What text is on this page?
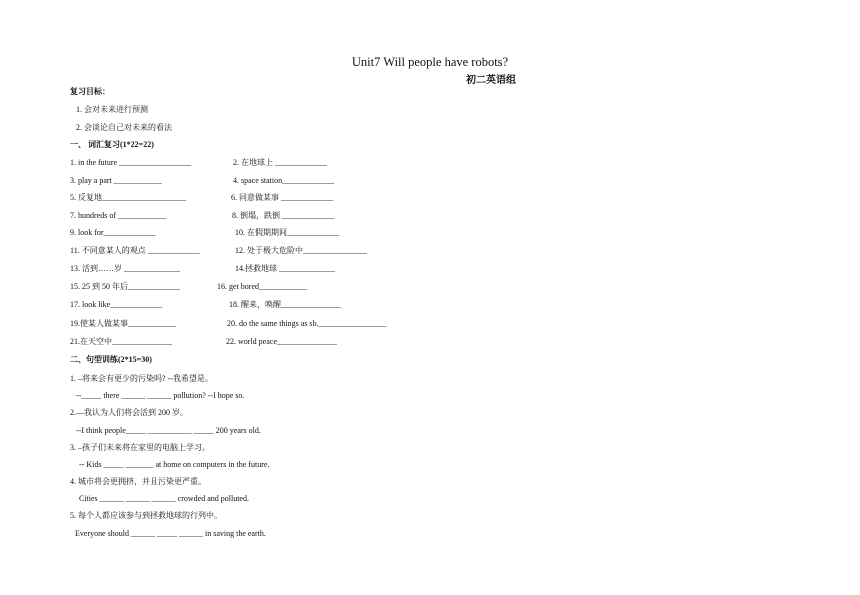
Unit7 Will people have robots?
初二英语组
复习目标：
1. 会对未来进行预测
2. 会谈论自己对未来的看法
一、 词汇复习(1*22=22)
1. in the future __________________	2. 在地球上 _____________
3. play a part ____________	4. space station_____________
5. 反复地_____________________	6. 同意做某事 _____________
7. hundreds of ____________	8. 倒塌，跌倒 _____________
9. look for_____________	10. 在假期期间_____________
11. 不同意某人的观点 _____________	12. 处于极大危险中________________
13. 活到……岁 ______________	14.拯救地球 ______________
15. 25 到 50 年后_____________	16. get bored____________
17. look like_____________	18. 醒来，唤醒_______________
19.使某人做某事____________	20. do the same things as sb._________________
21.在天空中_______________	22. world peace_______________
二、句型训练(2*15=30)
1. –将来会有更少的污染吗? --我希望是。
--_____ there ______ ______ pollution? --I hope so.
2.—我认为人们将会活到 200 岁。
--I think people_____ ___________ _____ 200 years old.
3. –孩子们未来将在家里的电脑上学习。
-- Kids _____ _______ at home on computers in the future.
4. 城市将会更拥挤，并且污染更严重。
Cities ______ ______ ______ crowded and polluted.
5. 每个人都应该参与到拯救地球的行列中。
Everyone should ______ _____ ______ in saving the earth.
